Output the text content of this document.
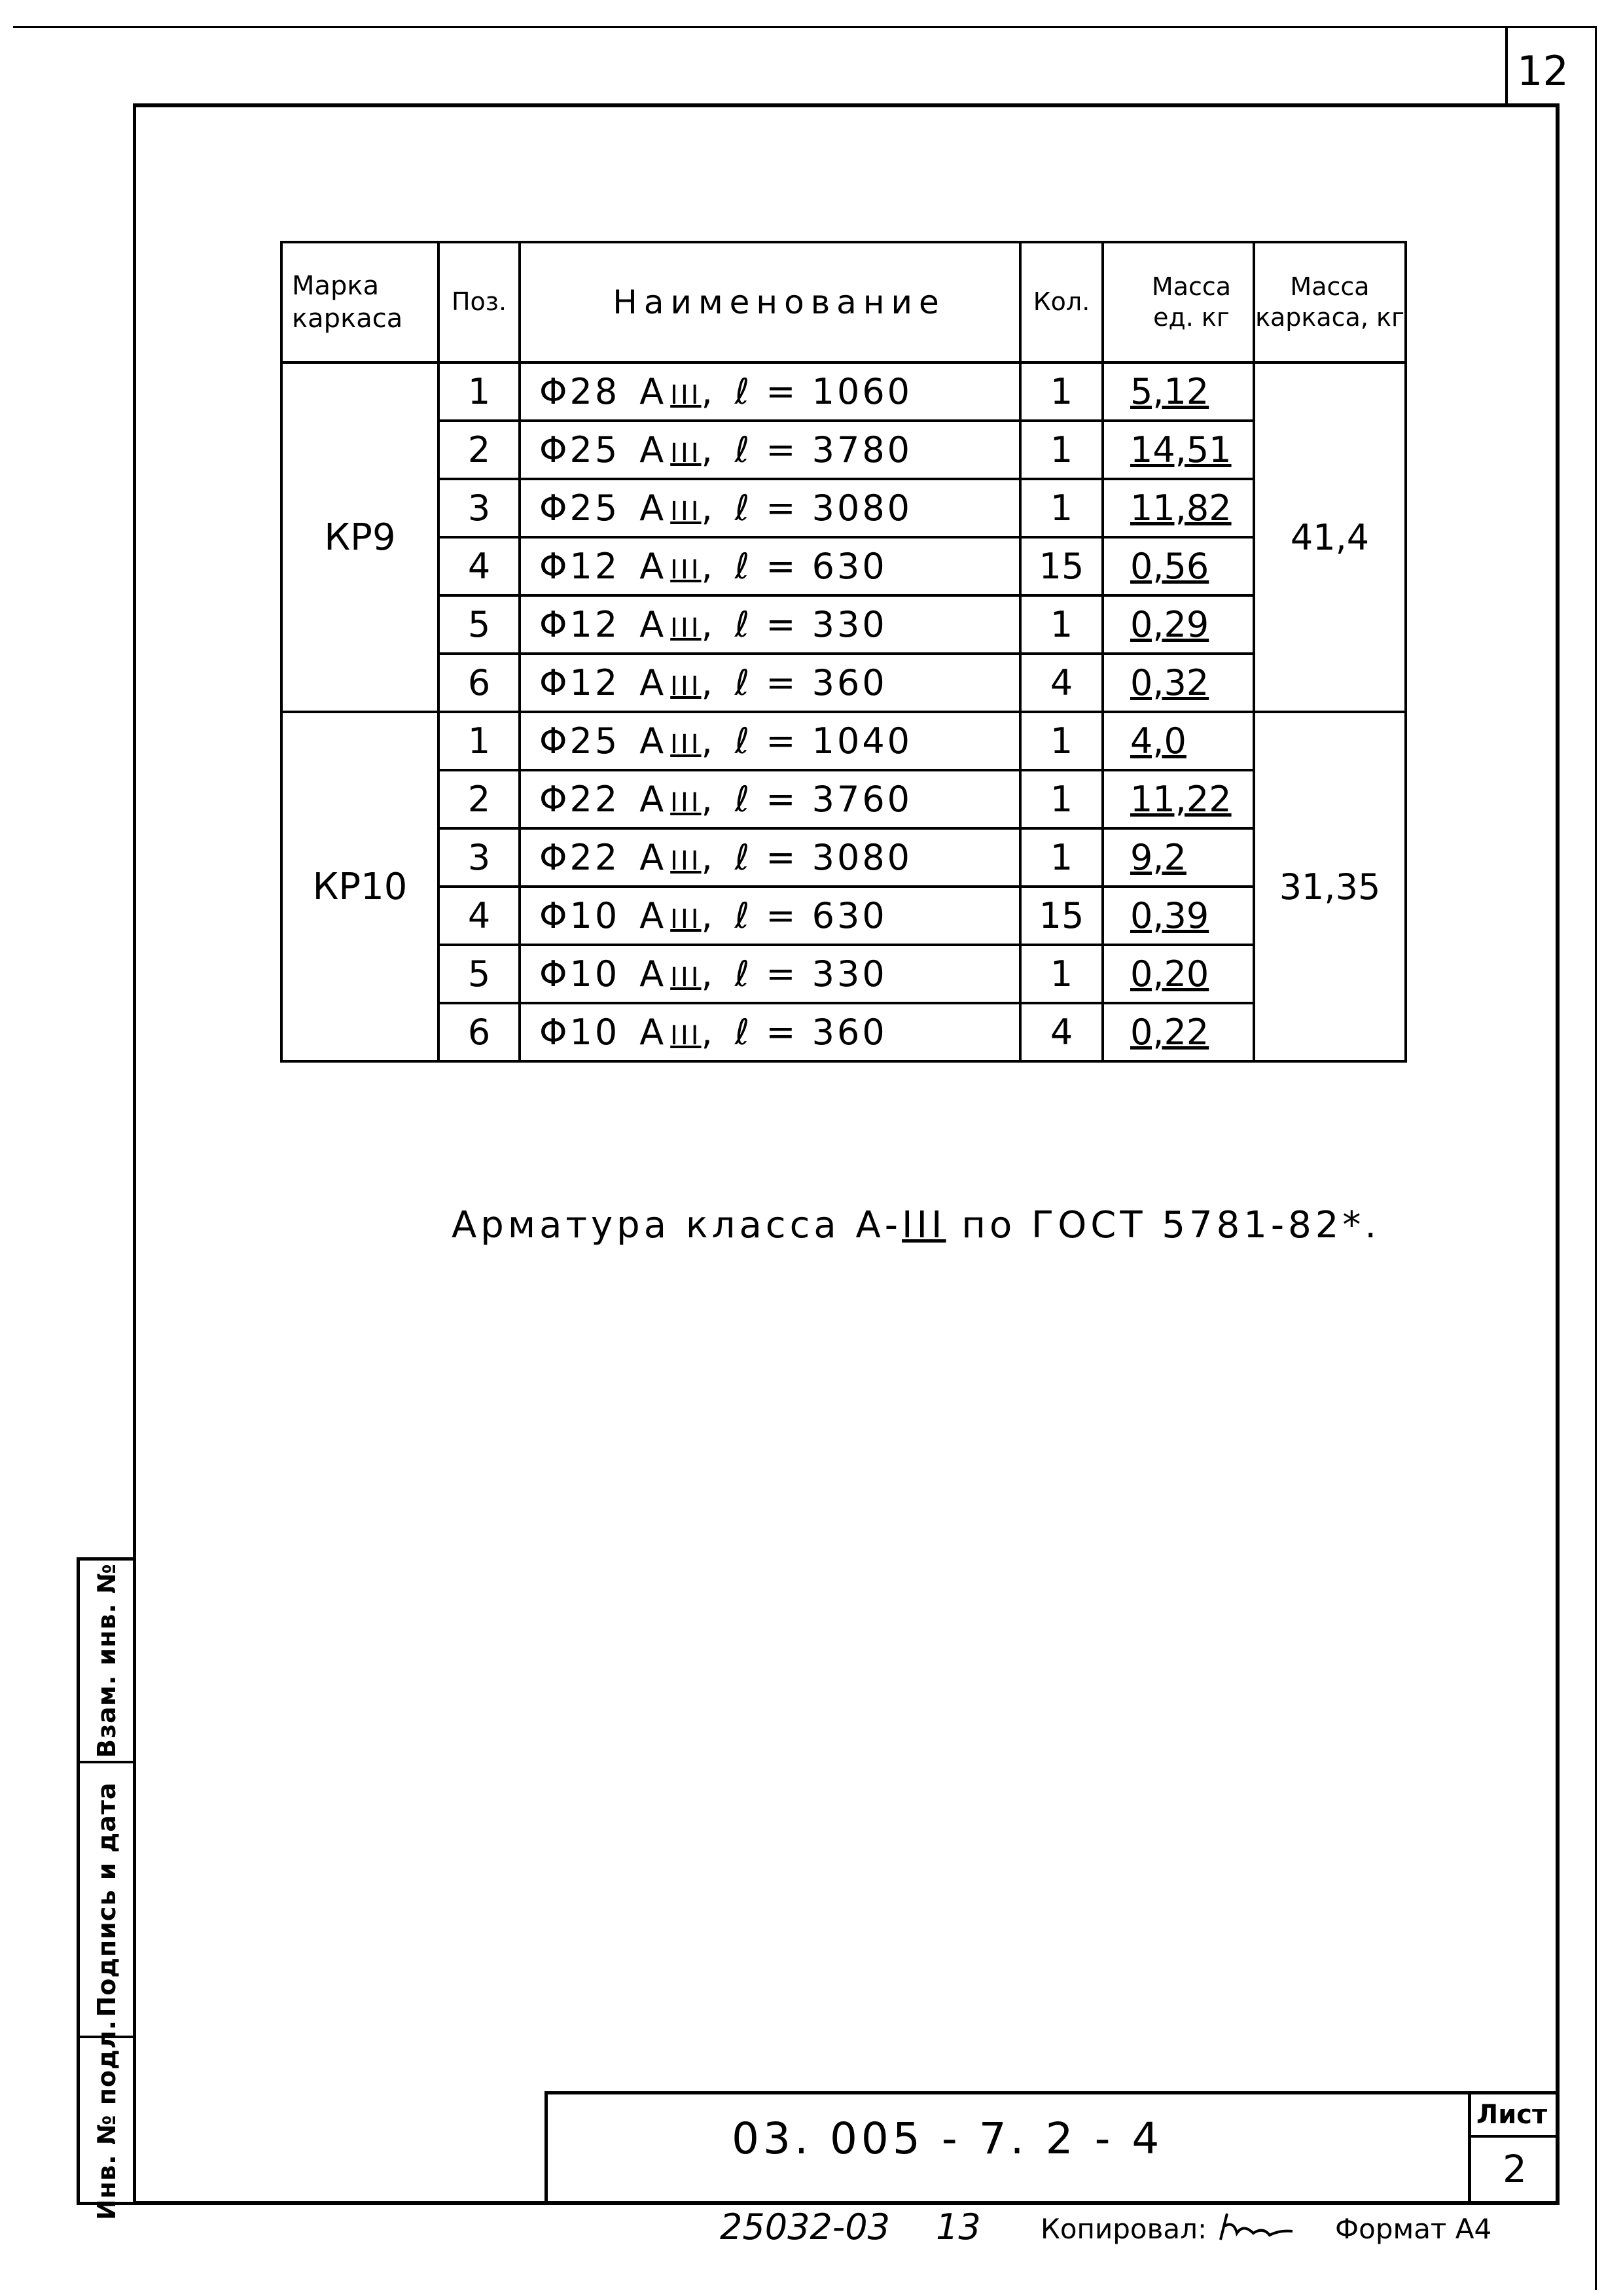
12
Взам. инв. №
Подпись и дата
Инв. № подл.
Марка каркаса	Поз.	Наименование	Кол.	Масса ед. кг	Масса каркаса, кг
КР9	1	Φ28 А III, ℓ = 1060	1	5,12	41,4
	2	Φ25 А III, ℓ = 3780	1	14,51	
	3	Φ25 А III, ℓ = 3080	1	11,82	
	4	Φ12 А III, ℓ = 630	15	0,56	
	5	Φ12 А III, ℓ = 330	1	0,29	
	6	Φ12 А III, ℓ = 360	4	0,32	
КР10	1	Φ25 А III, ℓ = 1040	1	4,0	31,35
	2	Φ22 А III, ℓ = 3760	1	11,22	
	3	Φ22 А III, ℓ = 3080	1	9,2	
	4	Φ10 А III, ℓ = 630	15	0,39	
	5	Φ10 А III, ℓ = 330	1	0,20	
	6	Φ10 А III, ℓ = 360	4	0,22	
Арматура класса А-III по ГОСТ 5781-82*.
03. 005 - 7. 2 - 4	Лист
2
25032-03 13 Копировал:	Формат А4
